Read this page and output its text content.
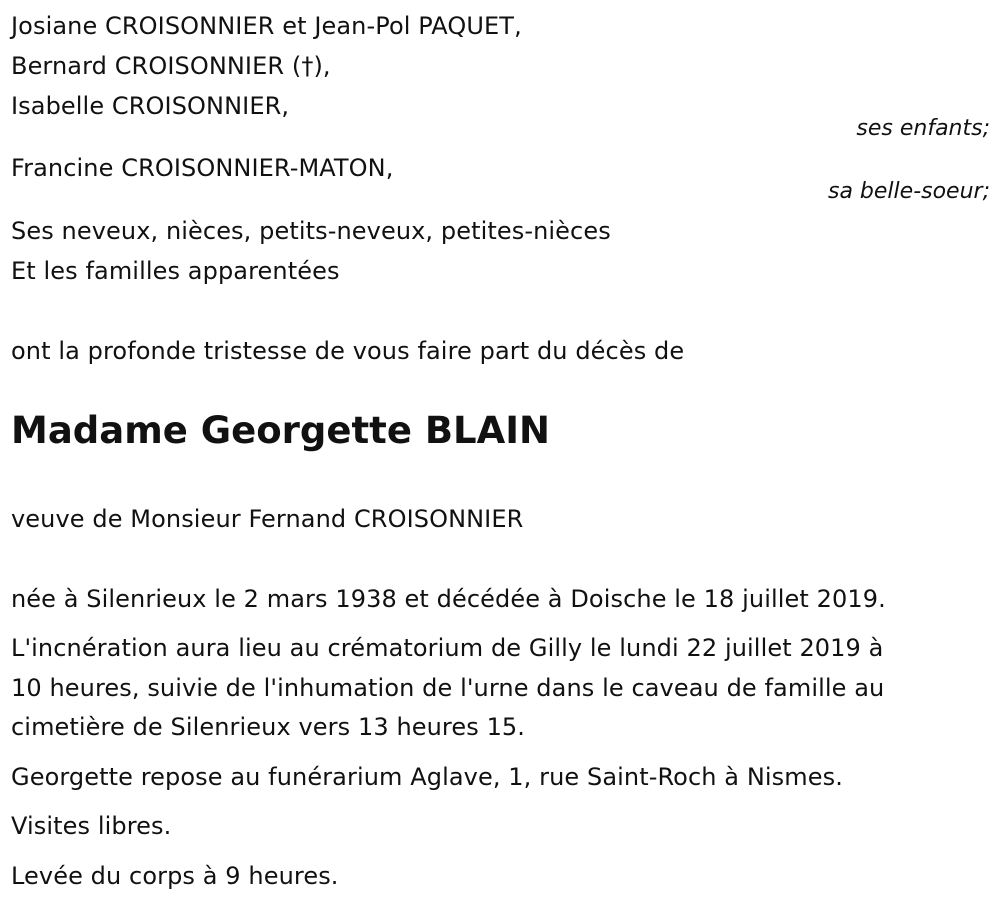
Josiane CROISONNIER et Jean-Pol PAQUET,
Bernard CROISONNIER (†),
Isabelle CROISONNIER,
ses enfants;
Francine CROISONNIER-MATON,
sa belle-soeur;
Ses neveux, nièces, petits-neveux, petites-nièces
Et les familles apparentées
ont la profonde tristesse de vous faire part du décès de
Madame Georgette BLAIN
veuve de Monsieur Fernand CROISONNIER
née à Silenrieux le 2 mars 1938 et décédée à Doische le 18 juillet 2019.
L'incnération aura lieu au crématorium de Gilly le lundi 22 juillet 2019 à
10 heures, suivie de l'inhumation de l'urne dans le caveau de famille au
cimetière de Silenrieux vers 13 heures 15.
Georgette repose au funérarium Aglave, 1, rue Saint-Roch à Nismes.
Visites libres.
Levée du corps à 9 heures.
